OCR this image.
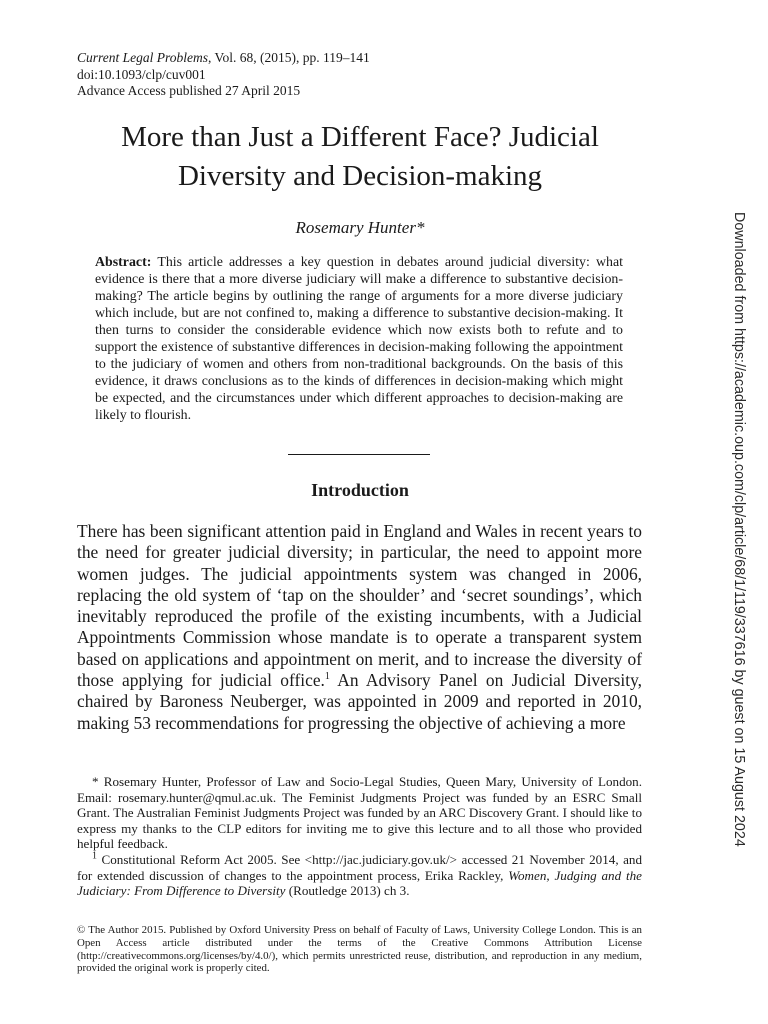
Current Legal Problems, Vol. 68, (2015), pp. 119–141
doi:10.1093/clp/cuv001
Advance Access published 27 April 2015
More than Just a Different Face? Judicial
Diversity and Decision-making
Rosemary Hunter*
Abstract: This article addresses a key question in debates around judicial diversity: what evidence is there that a more diverse judiciary will make a difference to substantive decision-making? The article begins by outlining the range of arguments for a more diverse judiciary which include, but are not confined to, making a difference to substantive decision-making. It then turns to consider the considerable evidence which now exists both to refute and to support the existence of substantive differences in decision-making following the appointment to the judiciary of women and others from non-traditional backgrounds. On the basis of this evidence, it draws conclusions as to the kinds of differences in decision-making which might be expected, and the circumstances under which different approaches to decision-making are likely to flourish.
Introduction

There has been significant attention paid in England and Wales in recent years to the need for greater judicial diversity; in particular, the need to appoint more women judges. The judicial appointments system was changed in 2006, replacing the old system of ‘tap on the shoulder’ and ‘secret soundings’, which inevitably reproduced the profile of the existing incumbents, with a Judicial Appointments Commission whose mandate is to operate a transparent system based on applications and appointment on merit, and to increase the diversity of those applying for judicial office.$^1$ An Advisory Panel on Judicial Diversity, chaired by Baroness Neuberger, was appointed in 2009 and reported in 2010, making 53 recommendations for progressing the objective of achieving a more

* Rosemary Hunter, Professor of Law and Socio-Legal Studies, Queen Mary, University of London. Email: rosemary.hunter@qmul.ac.uk. The Feminist Judgments Project was funded by an ESRC Small Grant. The Australian Feminist Judgments Project was funded by an ARC Discovery Grant. I should like to express my thanks to the CLP editors for inviting me to give this lecture and to all those who provided helpful feedback.

$^1$ Constitutional Reform Act 2005. See <http://jac.judiciary.gov.uk/> accessed 21 November 2014, and for extended discussion of changes to the appointment process, Erika Rackley, Women, Judging and the Judiciary: From Difference to Diversity (Routledge 2013) ch 3.

© The Author 2015. Published by Oxford University Press on behalf of Faculty of Laws, University College London. This is an Open Access article distributed under the terms of the Creative Commons Attribution License (http://creativecommons.org/licenses/by/4.0/), which permits unrestricted reuse, distribution, and reproduction in any medium, provided the original work is properly cited.

Downloaded from https://academic.oup.com/clp/article/68/1/119/337616 by guest on 15 August 2024
